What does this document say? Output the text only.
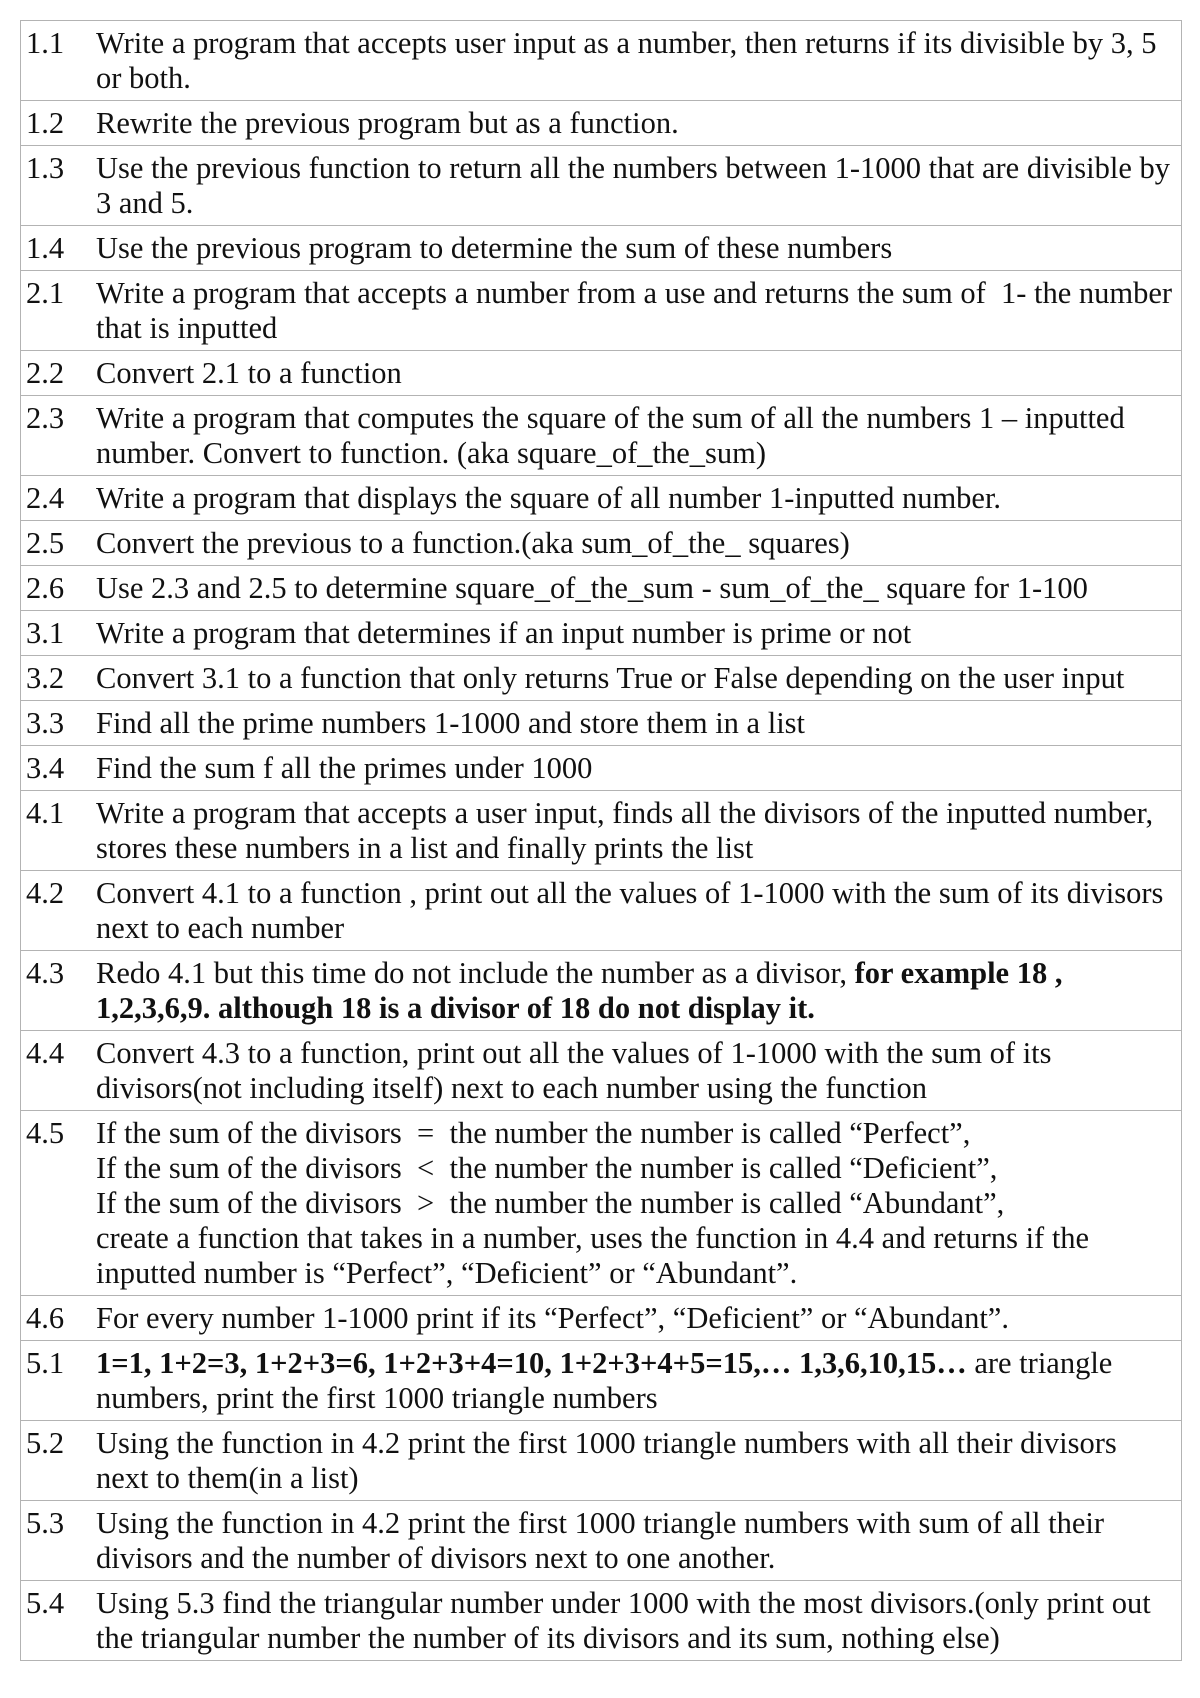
1.1	Write a program that accepts user input as a number, then returns if its divisible by 3, 5 or both.

1.2	Rewrite the previous program but as a function.

1.3	Use the previous function to return all the numbers between 1-1000 that are divisible by 3 and 5.

1.4	Use the previous program to determine the sum of these numbers

2.1	Write a program that accepts a number from a use and returns the sum of  1- the number that is inputted

2.2	Convert 2.1 to a function

2.3	Write a program that computes the square of the sum of all the numbers 1 – inputted number. Convert to function. (aka square_of_the_sum)

2.4	Write a program that displays the square of all number 1-inputted number.

2.5	Convert the previous to a function.(aka sum_of_the_ squares)

2.6	Use 2.3 and 2.5 to determine square_of_the_sum - sum_of_the_ square for 1-100

3.1	Write a program that determines if an input number is prime or not

3.2	Convert 3.1 to a function that only returns True or False depending on the user input

3.3	Find all the prime numbers 1-1000 and store them in a list

3.4	Find the sum f all the primes under 1000

4.1	Write a program that accepts a user input, finds all the divisors of the inputted number, stores these numbers in a list and finally prints the list

4.2	Convert 4.1 to a function , print out all the values of 1-1000 with the sum of its divisors next to each number

4.3	Redo 4.1 but this time do not include the number as a divisor, for example 18 , 1,2,3,6,9. although 18 is a divisor of 18 do not display it.
4.4	Convert 4.3 to a function, print out all the values of 1-1000 with the sum of its divisors(not including itself) next to each number using the function

4.5	If the sum of the divisors  =  the number the number is called “Perfect”,
If the sum of the divisors  <  the number the number is called “Deficient”,
If the sum of the divisors  >  the number the number is called “Abundant”,
create a function that takes in a number, uses the function in 4.4 and returns if the inputted number is “Perfect”, “Deficient” or “Abundant”.

4.6	For every number 1-1000 print if its “Perfect”, “Deficient” or “Abundant”.

5.1	1=1, 1+2=3, 1+2+3=6, 1+2+3+4=10, 1+2+3+4+5=15,… 1,3,6,10,15… are triangle numbers, print the first 1000 triangle numbers
5.2	Using the function in 4.2 print the first 1000 triangle numbers with all their divisors next to them(in a list)

5.3	Using the function in 4.2 print the first 1000 triangle numbers with sum of all their divisors and the number of divisors next to one another.

5.4	Using 5.3 find the triangular number under 1000 with the most divisors.(only print out the triangular number the number of its divisors and its sum, nothing else)
